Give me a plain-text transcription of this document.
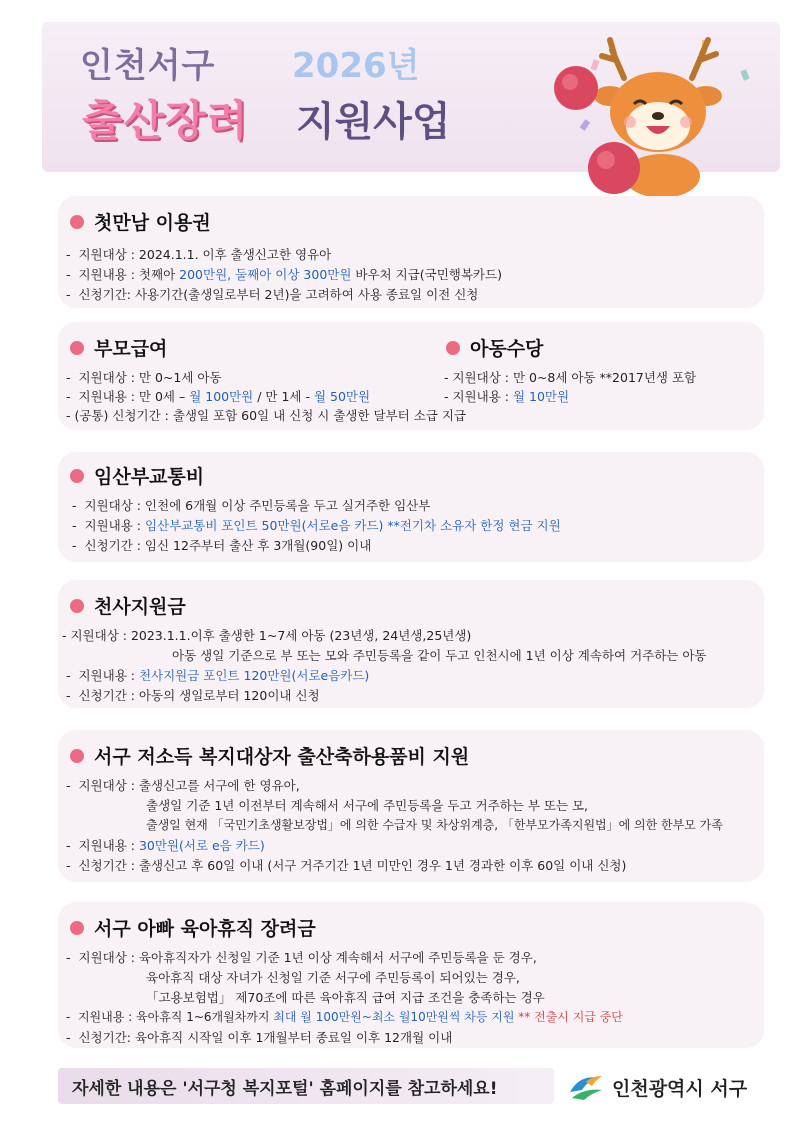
인천서구 2026년
출산장려 지원사업
첫만남 이용권
-  지원대상 : 2024.1.1. 이후 출생신고한 영유아
-  지원내용 : 첫째아 200만원, 둘째아 이상 300만원 바우처 지급(국민행복카드)
-  신청기간: 사용기간(출생일로부터 2년)을 고려하여 사용 종료일 이전 신청
부모급여	아동수당
-  지원대상 : 만 0~1세 아동
-  지원내용 : 만 0세 – 월 100만원 / 만 1세 - 월 50만원
- (공통) 신청기간 : 출생일 포함 60일 내 신청 시 출생한 달부터 소급 지급
- 지원대상 : 만 0~8세 아동 **2017년생 포함
- 지원내용 : 월 10만원
임산부교통비
-  지원대상 : 인천에 6개월 이상 주민등록을 두고 실거주한 임산부
-  지원내용 : 임산부교통비 포인트 50만원(서로e음 카드) **전기차 소유자 한정 현금 지원
-  신청기간 : 임신 12주부터 출산 후 3개월(90일) 이내
천사지원금
- 지원대상 : 2023.1.1.이후 출생한 1~7세 아동 (23년생, 24년생,25년생)
아동 생일 기준으로 부 또는 모와 주민등록을 같이 두고 인천시에 1년 이상 계속하여 거주하는 아동
-  지원내용 : 천사지원금 포인트 120만원(서로e음카드)
-  신청기간 : 아동의 생일로부터 120이내 신청
서구 저소득 복지대상자 출산축하용품비 지원
-  지원대상 : 출생신고를 서구에 한 영유아,
출생일 기준 1년 이전부터 계속해서 서구에 주민등록을 두고 거주하는 부 또는 모,
출생일 현재 「국민기초생활보장법」에 의한 수급자 및 차상위계층, 「한부모가족지원법」에 의한 한부모 가족
-  지원내용 : 30만원(서로 e음 카드)
-  신청기간 : 출생신고 후 60일 이내 (서구 거주기간 1년 미만인 경우 1년 경과한 이후 60일 이내 신청)
서구 아빠 육아휴직 장려금
-  지원대상 : 육아휴직자가 신청일 기준 1년 이상 계속해서 서구에 주민등록을 둔 경우,
육아휴직 대상 자녀가 신청일 기준 서구에 주민등록이 되어있는 경우,
「고용보험법」 제70조에 따른 육아휴직 급여 지급 조건을 충족하는 경우
-  지원내용 : 육아휴직 1~6개월차까지 최대 월 100만원~최소 월10만원씩 차등 지원 ** 전출시 지급 중단
-  신청기간: 육아휴직 시작일 이후 1개월부터 종료일 이후 12개월 이내
자세한 내용은 '서구청 복지포털' 홈페이지를 참고하세요!	인천광역시 서구
